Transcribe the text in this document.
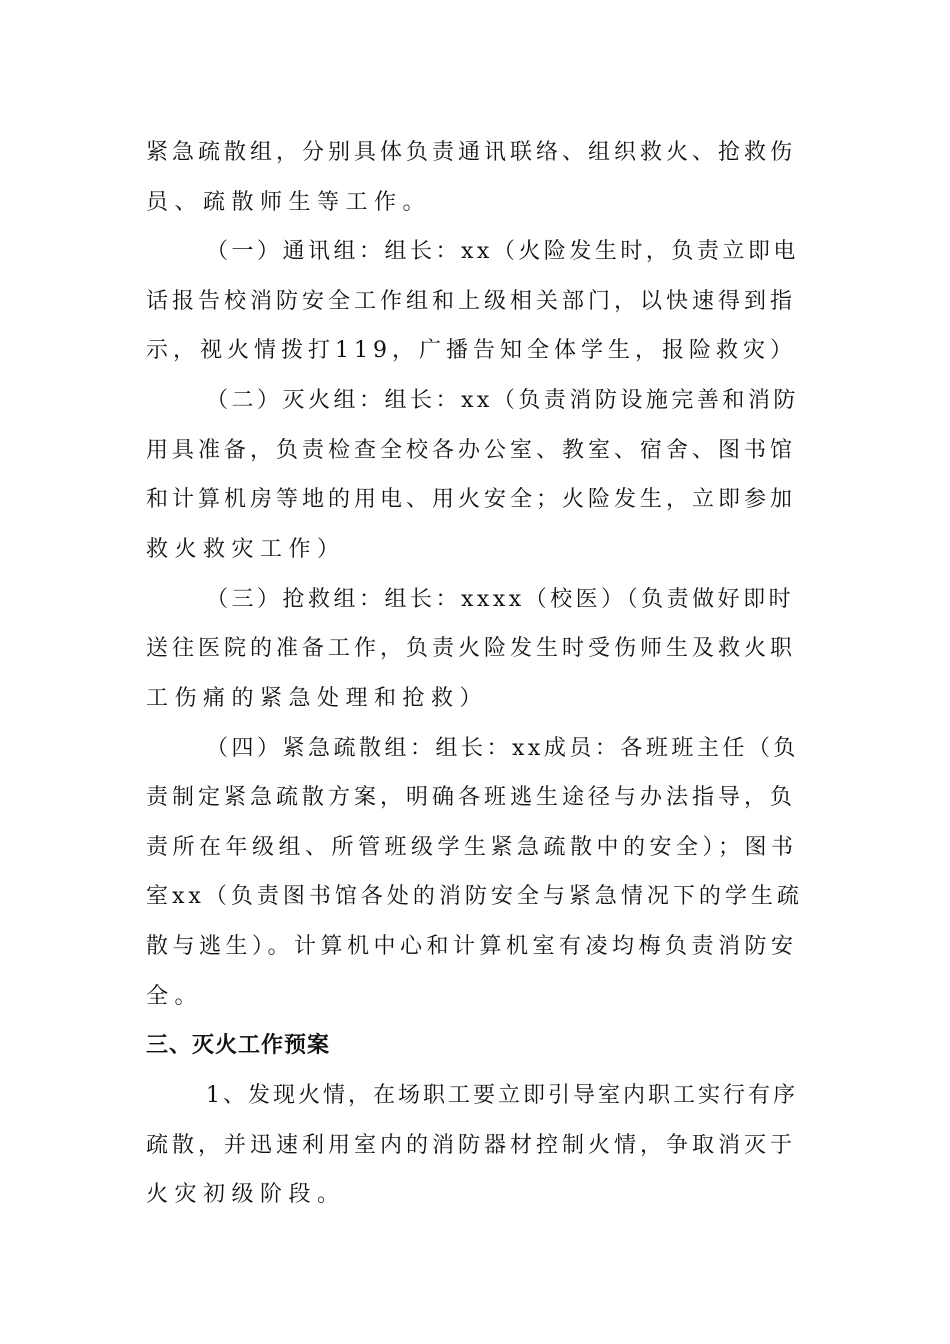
紧急疏散组，分别具体负责通讯联络、组织救火、抢救伤
员、疏散师生等工作。
（一）通讯组：组长：xx（火险发生时，负责立即电
话报告校消防安全工作组和上级相关部门，以快速得到指
示，视火情拨打119，广播告知全体学生，报险救灾）
（二）灭火组：组长：xx（负责消防设施完善和消防
用具准备，负责检查全校各办公室、教室、宿舍、图书馆
和计算机房等地的用电、用火安全；火险发生，立即参加
救火救灾工作）
（三）抢救组：组长：xxxx（校医）（负责做好即时
送往医院的准备工作，负责火险发生时受伤师生及救火职
工伤痛的紧急处理和抢救）
（四）紧急疏散组：组长：xx成员：各班班主任（负
责制定紧急疏散方案，明确各班逃生途径与办法指导，负
责所在年级组、所管班级学生紧急疏散中的安全）；图书
室xx（负责图书馆各处的消防安全与紧急情况下的学生疏
散与逃生）。计算机中心和计算机室有凌均梅负责消防安
全。
三、灭火工作预案
1、发现火情，在场职工要立即引导室内职工实行有序
疏散，并迅速利用室内的消防器材控制火情，争取消灭于
火灾初级阶段。
